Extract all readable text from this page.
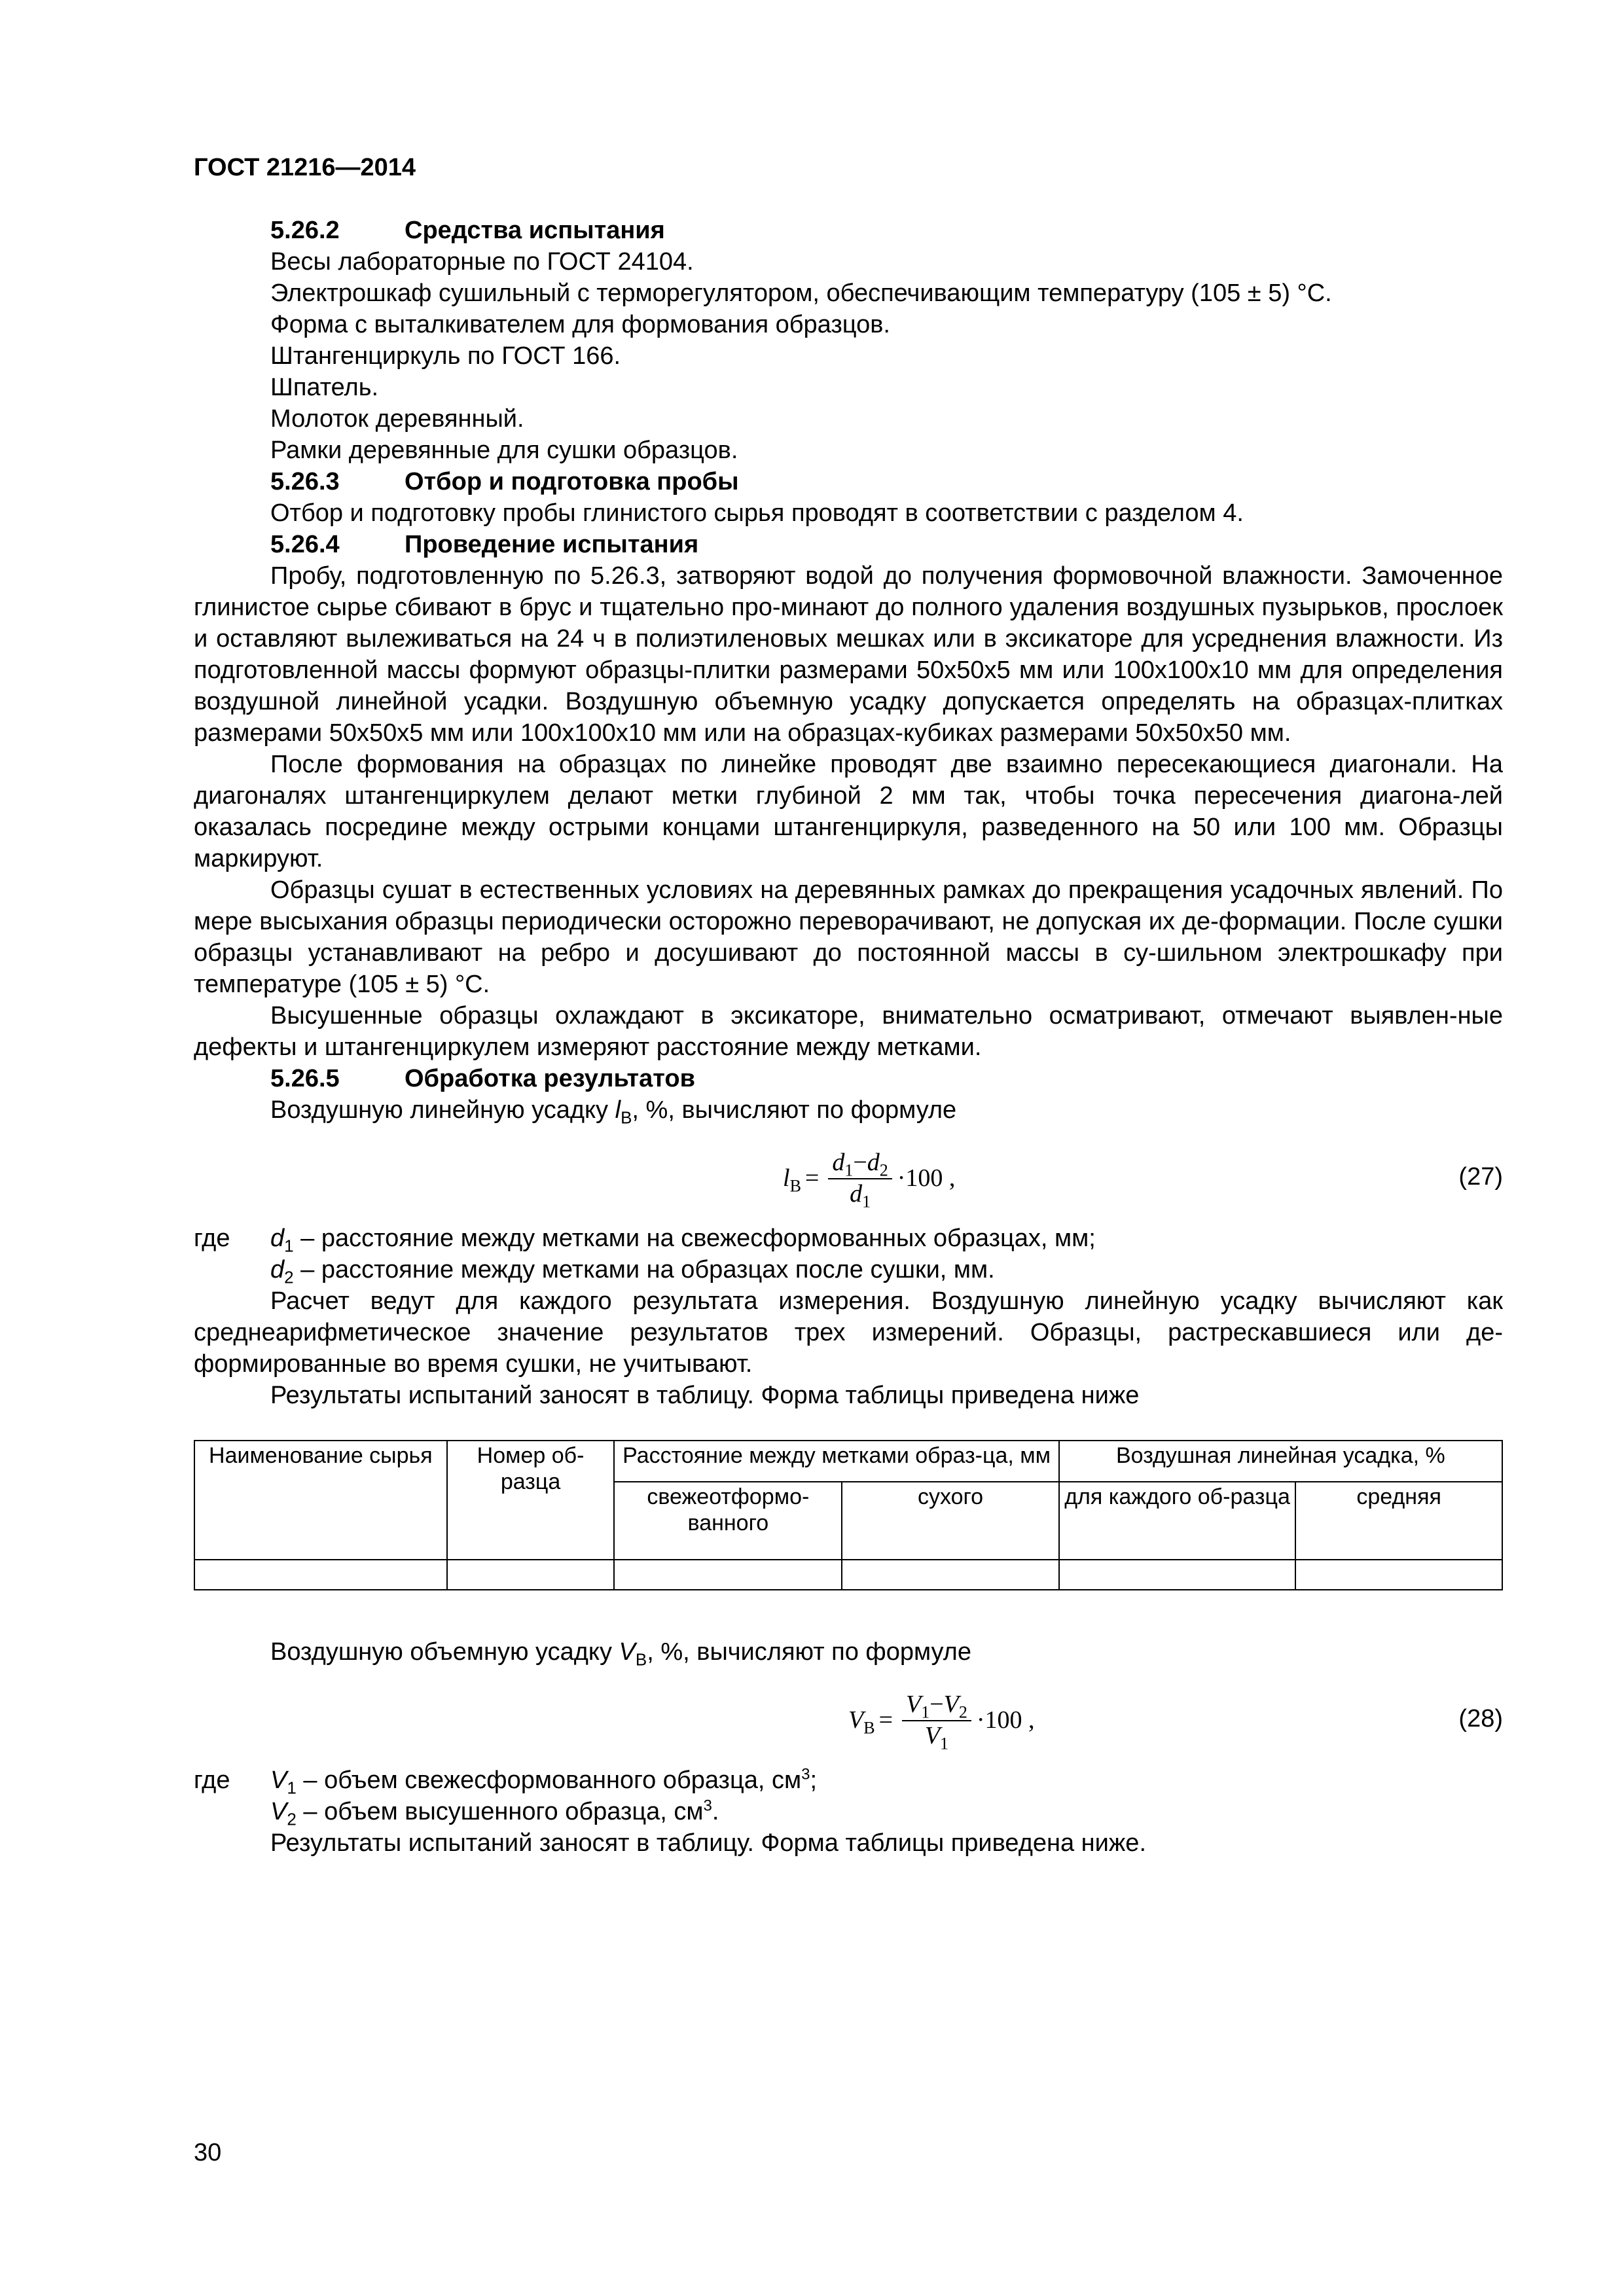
ГОСТ 21216—2014
5.26.2	Средства испытания

Весы лабораторные по ГОСТ 24104.

Электрошкаф сушильный с терморегулятором, обеспечивающим температуру (105 ± 5) °С.

Форма с выталкивателем для формования образцов.

Штангенциркуль по ГОСТ 166.

Шпатель.

Молоток деревянный.

Рамки деревянные для сушки образцов.

5.26.3	Отбор и подготовка пробы

Отбор и подготовку пробы глинистого сырья проводят в соответствии с разделом 4.

5.26.4	Проведение испытания

Пробу, подготовленную по 5.26.3, затворяют водой до получения формовочной влажности. Замоченное глинистое сырье сбивают в брус и тщательно про-минают до полного удаления воздушных пузырьков, прослоек и оставляют вылеживаться на 24 ч в полиэтиленовых мешках или в эксикаторе для усреднения влажности. Из подготовленной массы формуют образцы-плитки размерами 50x50x5 мм или 100x100x10 мм для определения воздушной линейной усадки. Воздушную объемную усадку допускается определять на образцах-плитках размерами 50x50x5 мм или 100x100x10 мм или на образцах-кубиках размерами 50x50x50 мм.

После формования на образцах по линейке проводят две взаимно пересекающиеся диагонали. На диагоналях штангенциркулем делают метки глубиной 2 мм так, чтобы точка пересечения диагона-лей оказалась посредине между острыми концами штангенциркуля, разведенного на 50 или 100 мм. Образцы маркируют.

Образцы сушат в естественных условиях на деревянных рамках до прекращения усадочных явлений. По мере высыхания образцы периодически осторожно переворачивают, не допуская их де-формации. После сушки образцы устанавливают на ребро и досушивают до постоянной массы в су-шильном электрошкафу при температуре (105 ± 5) °С.

Высушенные образцы охлаждают в эксикаторе, внимательно осматривают, отмечают выявлен-ные дефекты и штангенциркулем измеряют расстояние между метками.

5.26.5	Обработка результатов

Воздушную линейную усадку $l_В$, %, вычисляют по формуле

$l_В = \frac{d_1-d_2}{d_1} \cdot 100$ ,	(27)
где	$d_1$ – расстояние между метками на свежесформованных образцах, мм;
$d_2$ – расстояние между метками на образцах после сушки, мм.

Расчет ведут для каждого результата измерения. Воздушную линейную усадку вычисляют как среднеарифметическое значение результатов трех измерений. Образцы, растрескавшиеся или де-формированные во время сушки, не учитывают.

Результаты испытаний заносят в таблицу. Форма таблицы приведена ниже

Наименование сырья	Номер об-разца	Расстояние между метками образ-ца, мм		Воздушная линейная усадка, %	
		свежеотформо-ванного	сухого	для каждого об-разца	средняя

Воздушную объемную усадку $V_В$, %, вычисляют по формуле

$V_В = \frac{V_1-V_2}{V_1} \cdot 100$ ,	(28)
где	$V_1$ – объем свежесформованного образца, $см^3$;
$V_2$ – объем высушенного образца, $см^3$.

Результаты испытаний заносят в таблицу. Форма таблицы приведена ниже.

30
